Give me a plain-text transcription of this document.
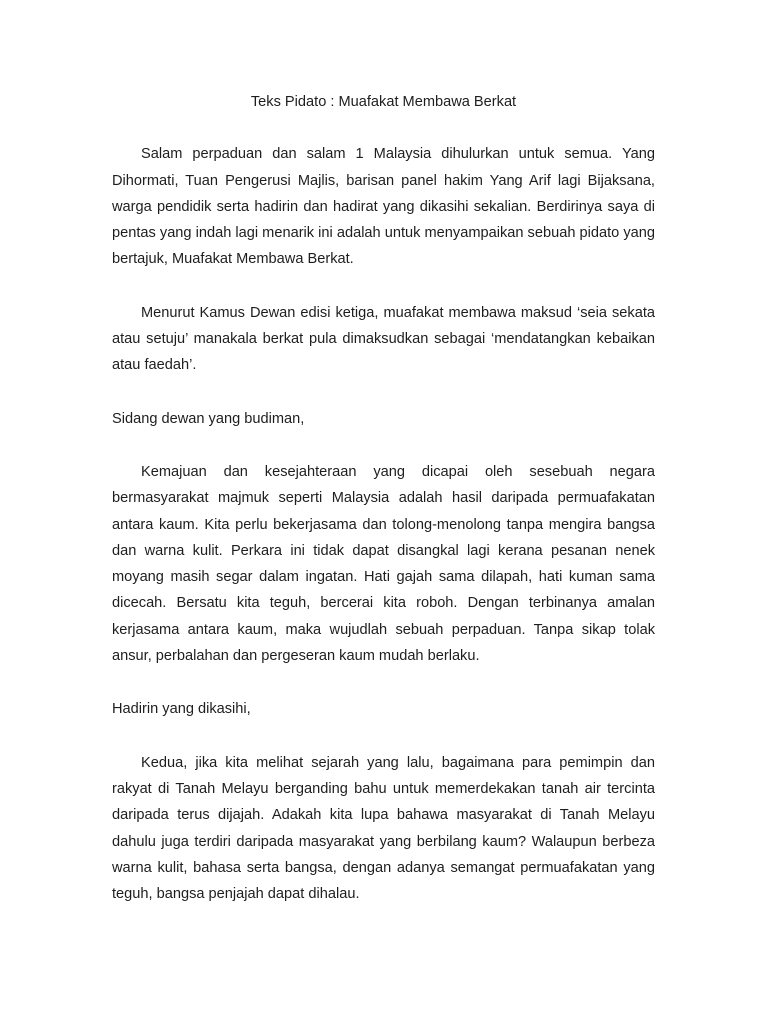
Teks Pidato : Muafakat Membawa Berkat

Salam perpaduan dan salam 1 Malaysia dihulurkan untuk semua. Yang Dihormati, Tuan Pengerusi Majlis, barisan panel hakim Yang Arif lagi Bijaksana, warga pendidik serta hadirin dan hadirat yang dikasihi sekalian. Berdirinya saya di pentas yang indah lagi menarik ini adalah untuk menyampaikan sebuah pidato yang bertajuk, Muafakat Membawa Berkat.

Menurut Kamus Dewan edisi ketiga, muafakat membawa maksud ‘seia sekata atau setuju’ manakala berkat pula dimaksudkan sebagai ‘mendatangkan kebaikan atau faedah’.

Sidang dewan yang budiman,

Kemajuan dan kesejahteraan yang dicapai oleh sesebuah negara bermasyarakat majmuk seperti Malaysia adalah hasil daripada permuafakatan antara kaum. Kita perlu bekerjasama dan tolong-menolong tanpa mengira bangsa dan warna kulit. Perkara ini tidak dapat disangkal lagi kerana pesanan nenek moyang masih segar dalam ingatan. Hati gajah sama dilapah, hati kuman sama dicecah. Bersatu kita teguh, bercerai kita roboh. Dengan terbinanya amalan kerjasama antara kaum, maka wujudlah sebuah perpaduan. Tanpa sikap tolak ansur, perbalahan dan pergeseran kaum mudah berlaku.

Hadirin yang dikasihi,

Kedua, jika kita melihat sejarah yang lalu, bagaimana para pemimpin dan rakyat di Tanah Melayu berganding bahu untuk memerdekakan tanah air tercinta daripada terus dijajah. Adakah kita lupa bahawa masyarakat di Tanah Melayu dahulu juga terdiri daripada masyarakat yang berbilang kaum? Walaupun berbeza warna kulit, bahasa serta bangsa, dengan adanya semangat permuafakatan yang teguh, bangsa penjajah dapat dihalau.
